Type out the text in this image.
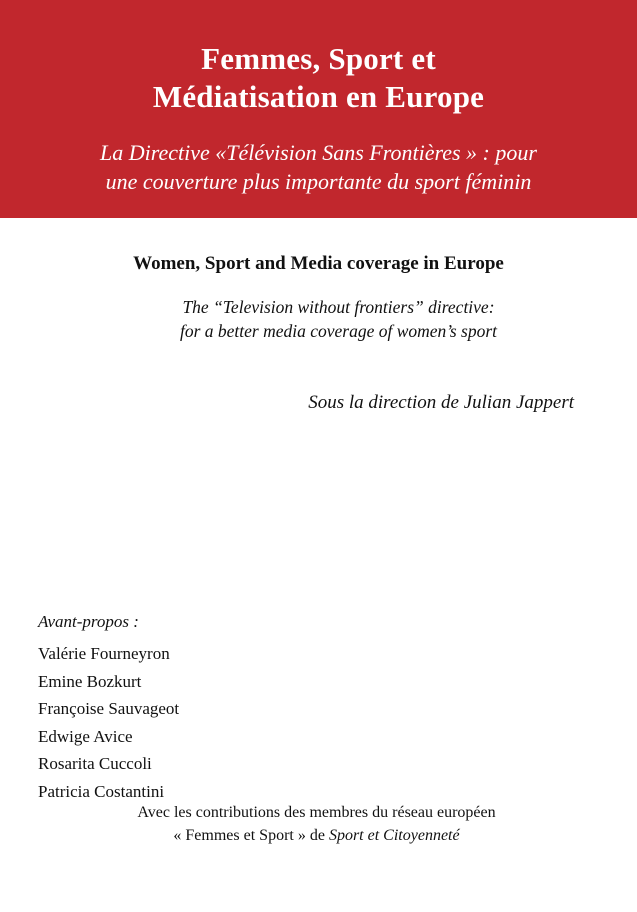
Femmes, Sport et
Médiatisation en Europe

La Directive «Télévision Sans Frontières » : pour
une couverture plus importante du sport féminin

Women, Sport and Media coverage in Europe

The “Television without frontiers” directive:
for a better media coverage of women’s sport

Sous la direction de Julian Jappert

Avant-propos :

Valérie Fourneyron
Emine Bozkurt
Françoise Sauvageot
Edwige Avice
Rosarita Cuccoli
Patricia Costantini
Avec les contributions des membres du réseau européen
« Femmes et Sport » de Sport et Citoyenneté
